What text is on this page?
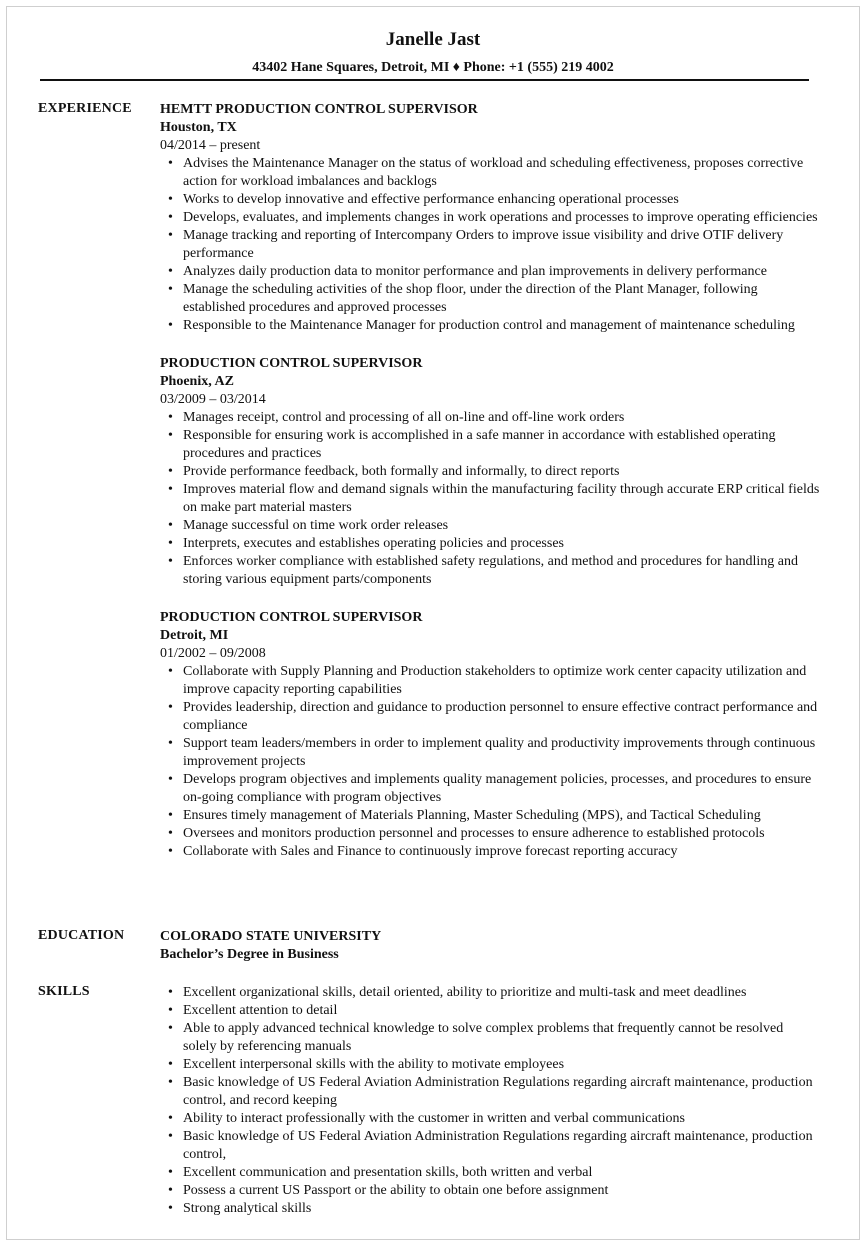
Janelle Jast
43402 Hane Squares, Detroit, MI ♦ Phone: +1 (555) 219 4002
EXPERIENCE HEMTT PRODUCTION CONTROL SUPERVISOR
Houston, TX
04/2014 – present
• Advises the Maintenance Manager on the status of workload and scheduling effectiveness, proposes corrective action for workload imbalances and backlogs
• Works to develop innovative and effective performance enhancing operational processes
• Develops, evaluates, and implements changes in work operations and processes to improve operating efficiencies
• Manage tracking and reporting of Intercompany Orders to improve issue visibility and drive OTIF delivery performance
• Analyzes daily production data to monitor performance and plan improvements in delivery performance
• Manage the scheduling activities of the shop floor, under the direction of the Plant Manager, following established procedures and approved processes
• Responsible to the Maintenance Manager for production control and management of maintenance scheduling
PRODUCTION CONTROL SUPERVISOR
Phoenix, AZ
03/2009 – 03/2014
• Manages receipt, control and processing of all on-line and off-line work orders
• Responsible for ensuring work is accomplished in a safe manner in accordance with established operating procedures and practices
• Provide performance feedback, both formally and informally, to direct reports
• Improves material flow and demand signals within the manufacturing facility through accurate ERP critical fields on make part material masters
• Manage successful on time work order releases
• Interprets, executes and establishes operating policies and processes
• Enforces worker compliance with established safety regulations, and method and procedures for handling and storing various equipment parts/components
PRODUCTION CONTROL SUPERVISOR
Detroit, MI
01/2002 – 09/2008
• Collaborate with Supply Planning and Production stakeholders to optimize work center capacity utilization and improve capacity reporting capabilities
• Provides leadership, direction and guidance to production personnel to ensure effective contract performance and compliance
• Support team leaders/members in order to implement quality and productivity improvements through continuous improvement projects
• Develops program objectives and implements quality management policies, processes, and procedures to ensure on-going compliance with program objectives
• Ensures timely management of Materials Planning, Master Scheduling (MPS), and Tactical Scheduling
• Oversees and monitors production personnel and processes to ensure adherence to established protocols
• Collaborate with Sales and Finance to continuously improve forecast reporting accuracy
EDUCATION	COLORADO STATE UNIVERSITY
Bachelor’s Degree in Business
SKILLS
•	Excellent organizational skills, detail oriented, ability to prioritize and multi-task and meet deadlines
• Excellent attention to detail
• Able to apply advanced technical knowledge to solve complex problems that frequently cannot be resolved solely by referencing manuals
• Excellent interpersonal skills with the ability to motivate employees
• Basic knowledge of US Federal Aviation Administration Regulations regarding aircraft maintenance, production control, and record keeping
• Ability to interact professionally with the customer in written and verbal communications
• Basic knowledge of US Federal Aviation Administration Regulations regarding aircraft maintenance, production control,
• Excellent communication and presentation skills, both written and verbal
• Possess a current US Passport or the ability to obtain one before assignment
• Strong analytical skills
